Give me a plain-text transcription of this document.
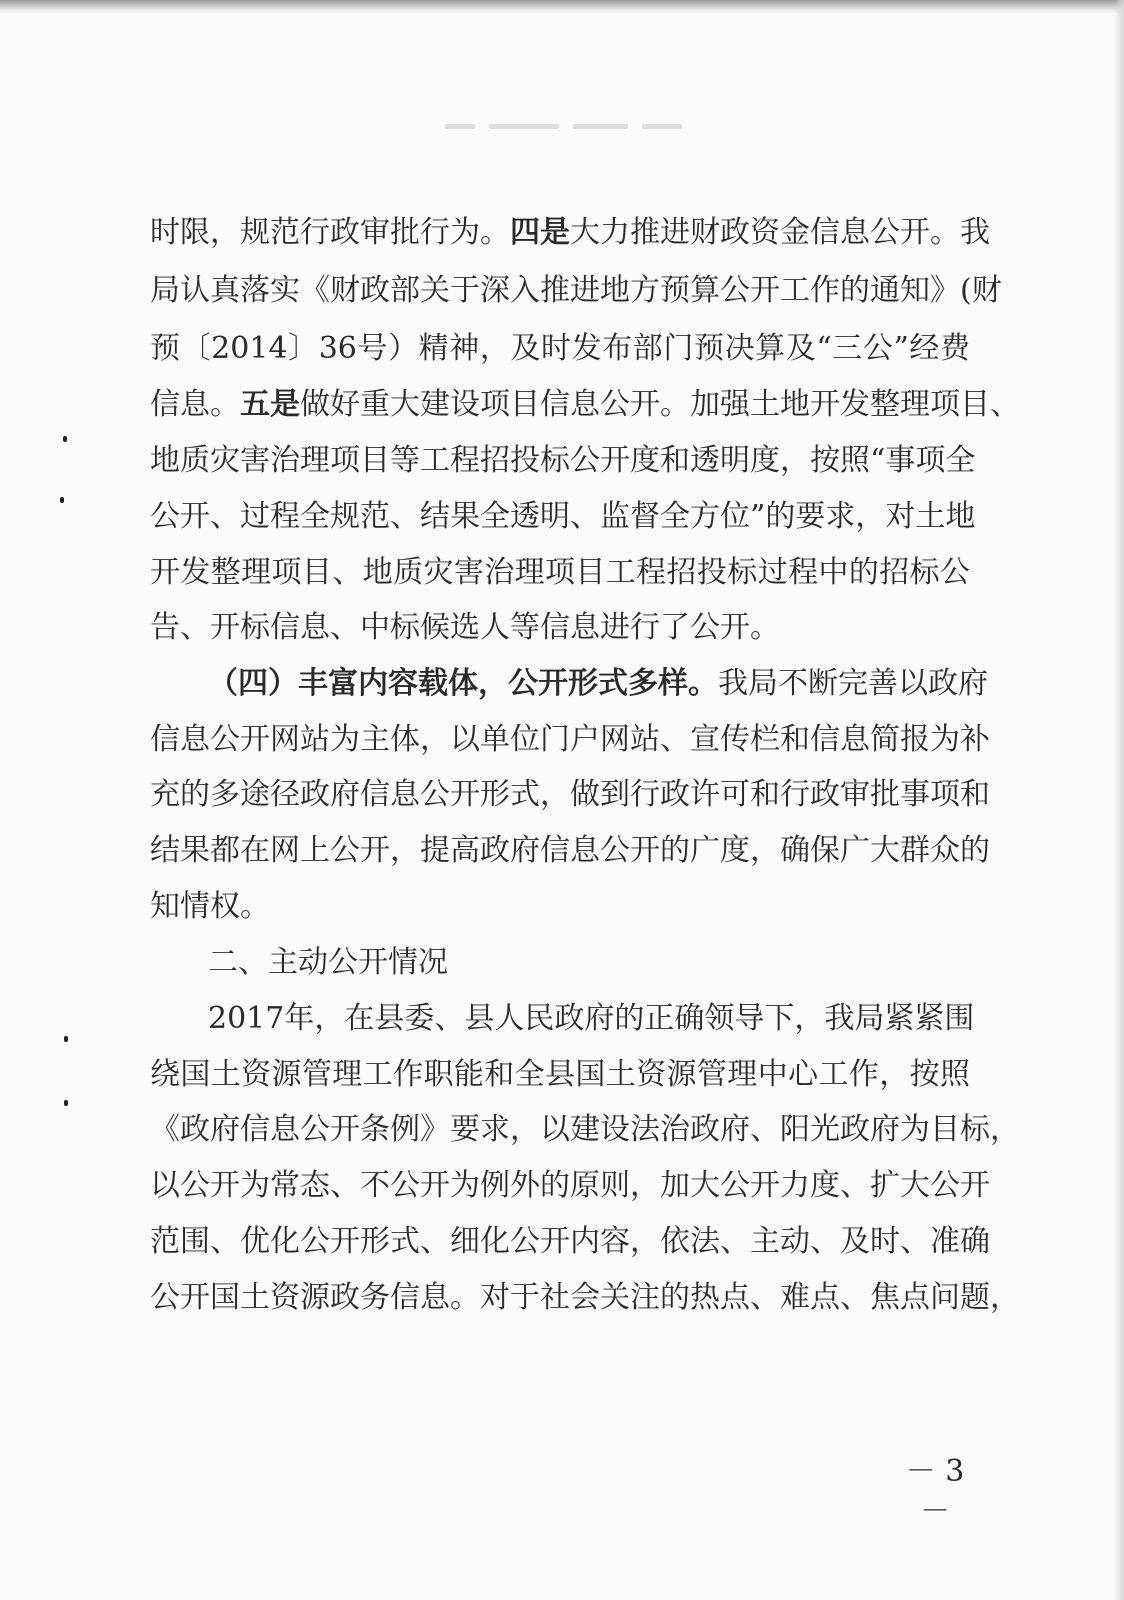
时限，规范行政审批行为。四是大力推进财政资金信息公开。我
局认真落实《财政部关于深入推进地方预算公开工作的通知》(财
预〔2014〕36号）精神，及时发布部门预决算及“三公”经费
信息。五是做好重大建设项目信息公开。加强土地开发整理项目、
地质灾害治理项目等工程招投标公开度和透明度，按照“事项全
公开、过程全规范、结果全透明、监督全方位”的要求，对土地
开发整理项目、地质灾害治理项目工程招投标过程中的招标公
告、开标信息、中标候选人等信息进行了公开。
（四）丰富内容载体，公开形式多样。我局不断完善以政府
信息公开网站为主体，以单位门户网站、宣传栏和信息简报为补
充的多途径政府信息公开形式，做到行政许可和行政审批事项和
结果都在网上公开，提高政府信息公开的广度，确保广大群众的
知情权。
二、主动公开情况
2017年，在县委、县人民政府的正确领导下，我局紧紧围
绕国土资源管理工作职能和全县国土资源管理中心工作，按照
《政府信息公开条例》要求，以建设法治政府、阳光政府为目标，
以公开为常态、不公开为例外的原则，加大公开力度、扩大公开
范围、优化公开形式、细化公开内容，依法、主动、及时、准确
公开国土资源政务信息。对于社会关注的热点、难点、焦点问题，
－ 3 －
